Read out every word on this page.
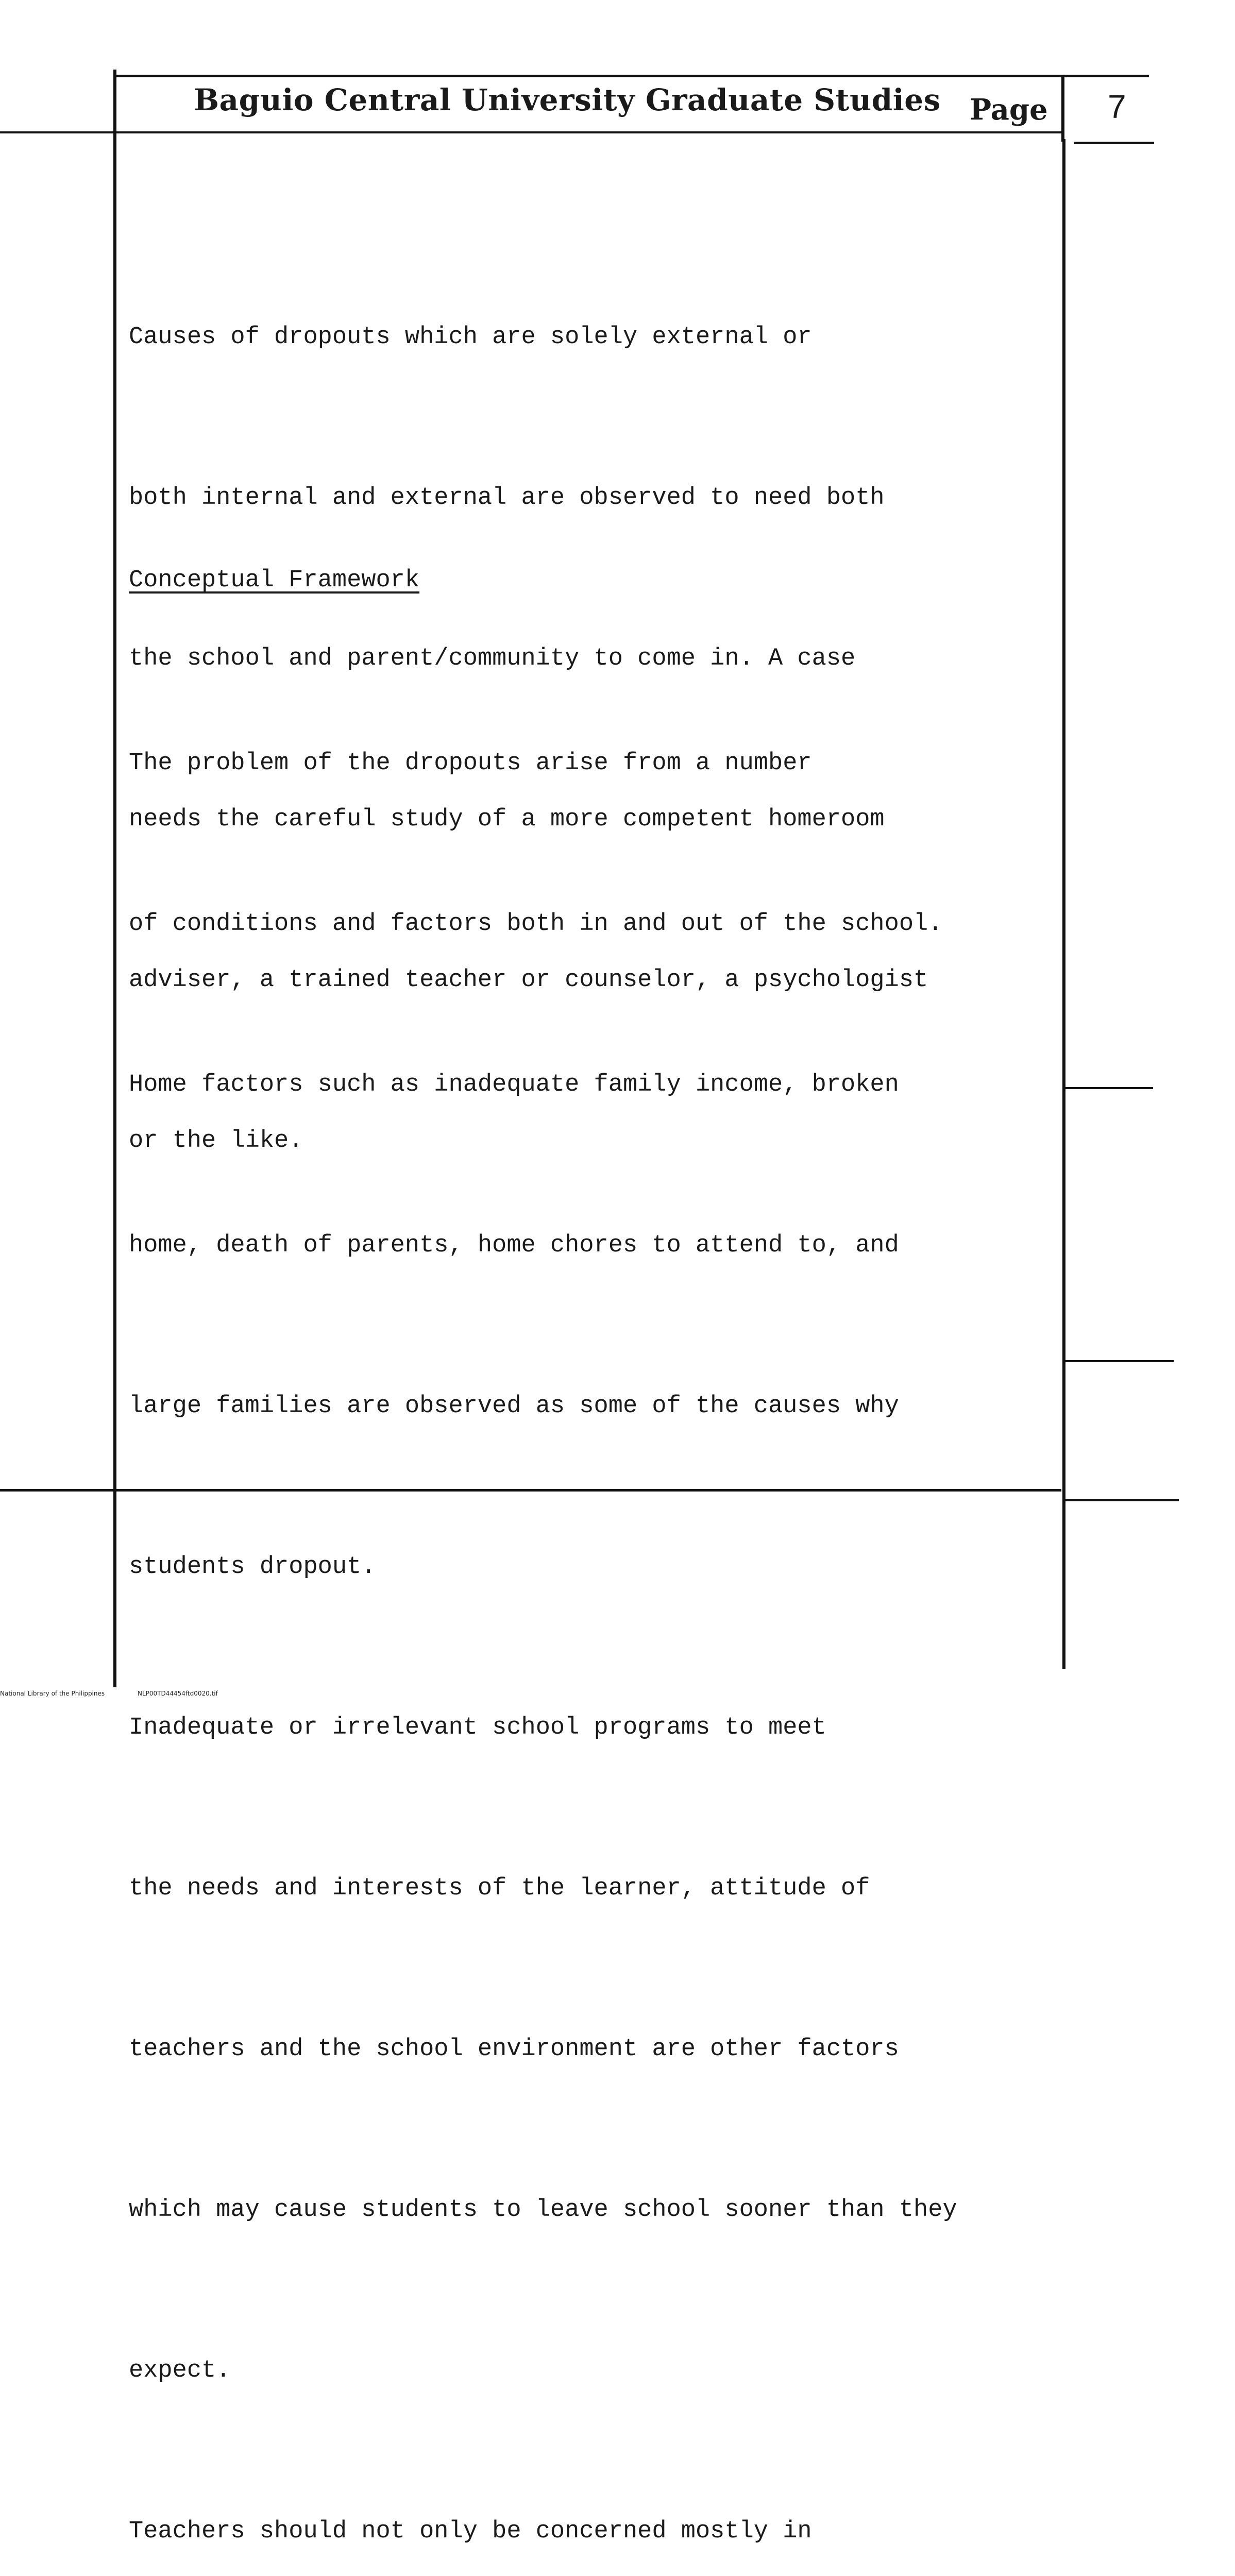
Baguio Central University Graduate Studies Page 7

Causes of dropouts which are solely external or

both internal and external are observed to need both

the school and parent/community to come in. A case

needs the careful study of a more competent homeroom

adviser, a trained teacher or counselor, a psychologist

or the like.

Conceptual Framework

The problem of the dropouts arise from a number

of conditions and factors both in and out of the school.

Home factors such as inadequate family income, broken

home, death of parents, home chores to attend to, and

large families are observed as some of the causes why

students dropout.

Inadequate or irrelevant school programs to meet

the needs and interests of the learner, attitude of

teachers and the school environment are other factors

which may cause students to leave school sooner than they

expect.

Teachers should not only be concerned mostly in

National Library of the Philippines	NLP00TD44454ftd0020.tif
